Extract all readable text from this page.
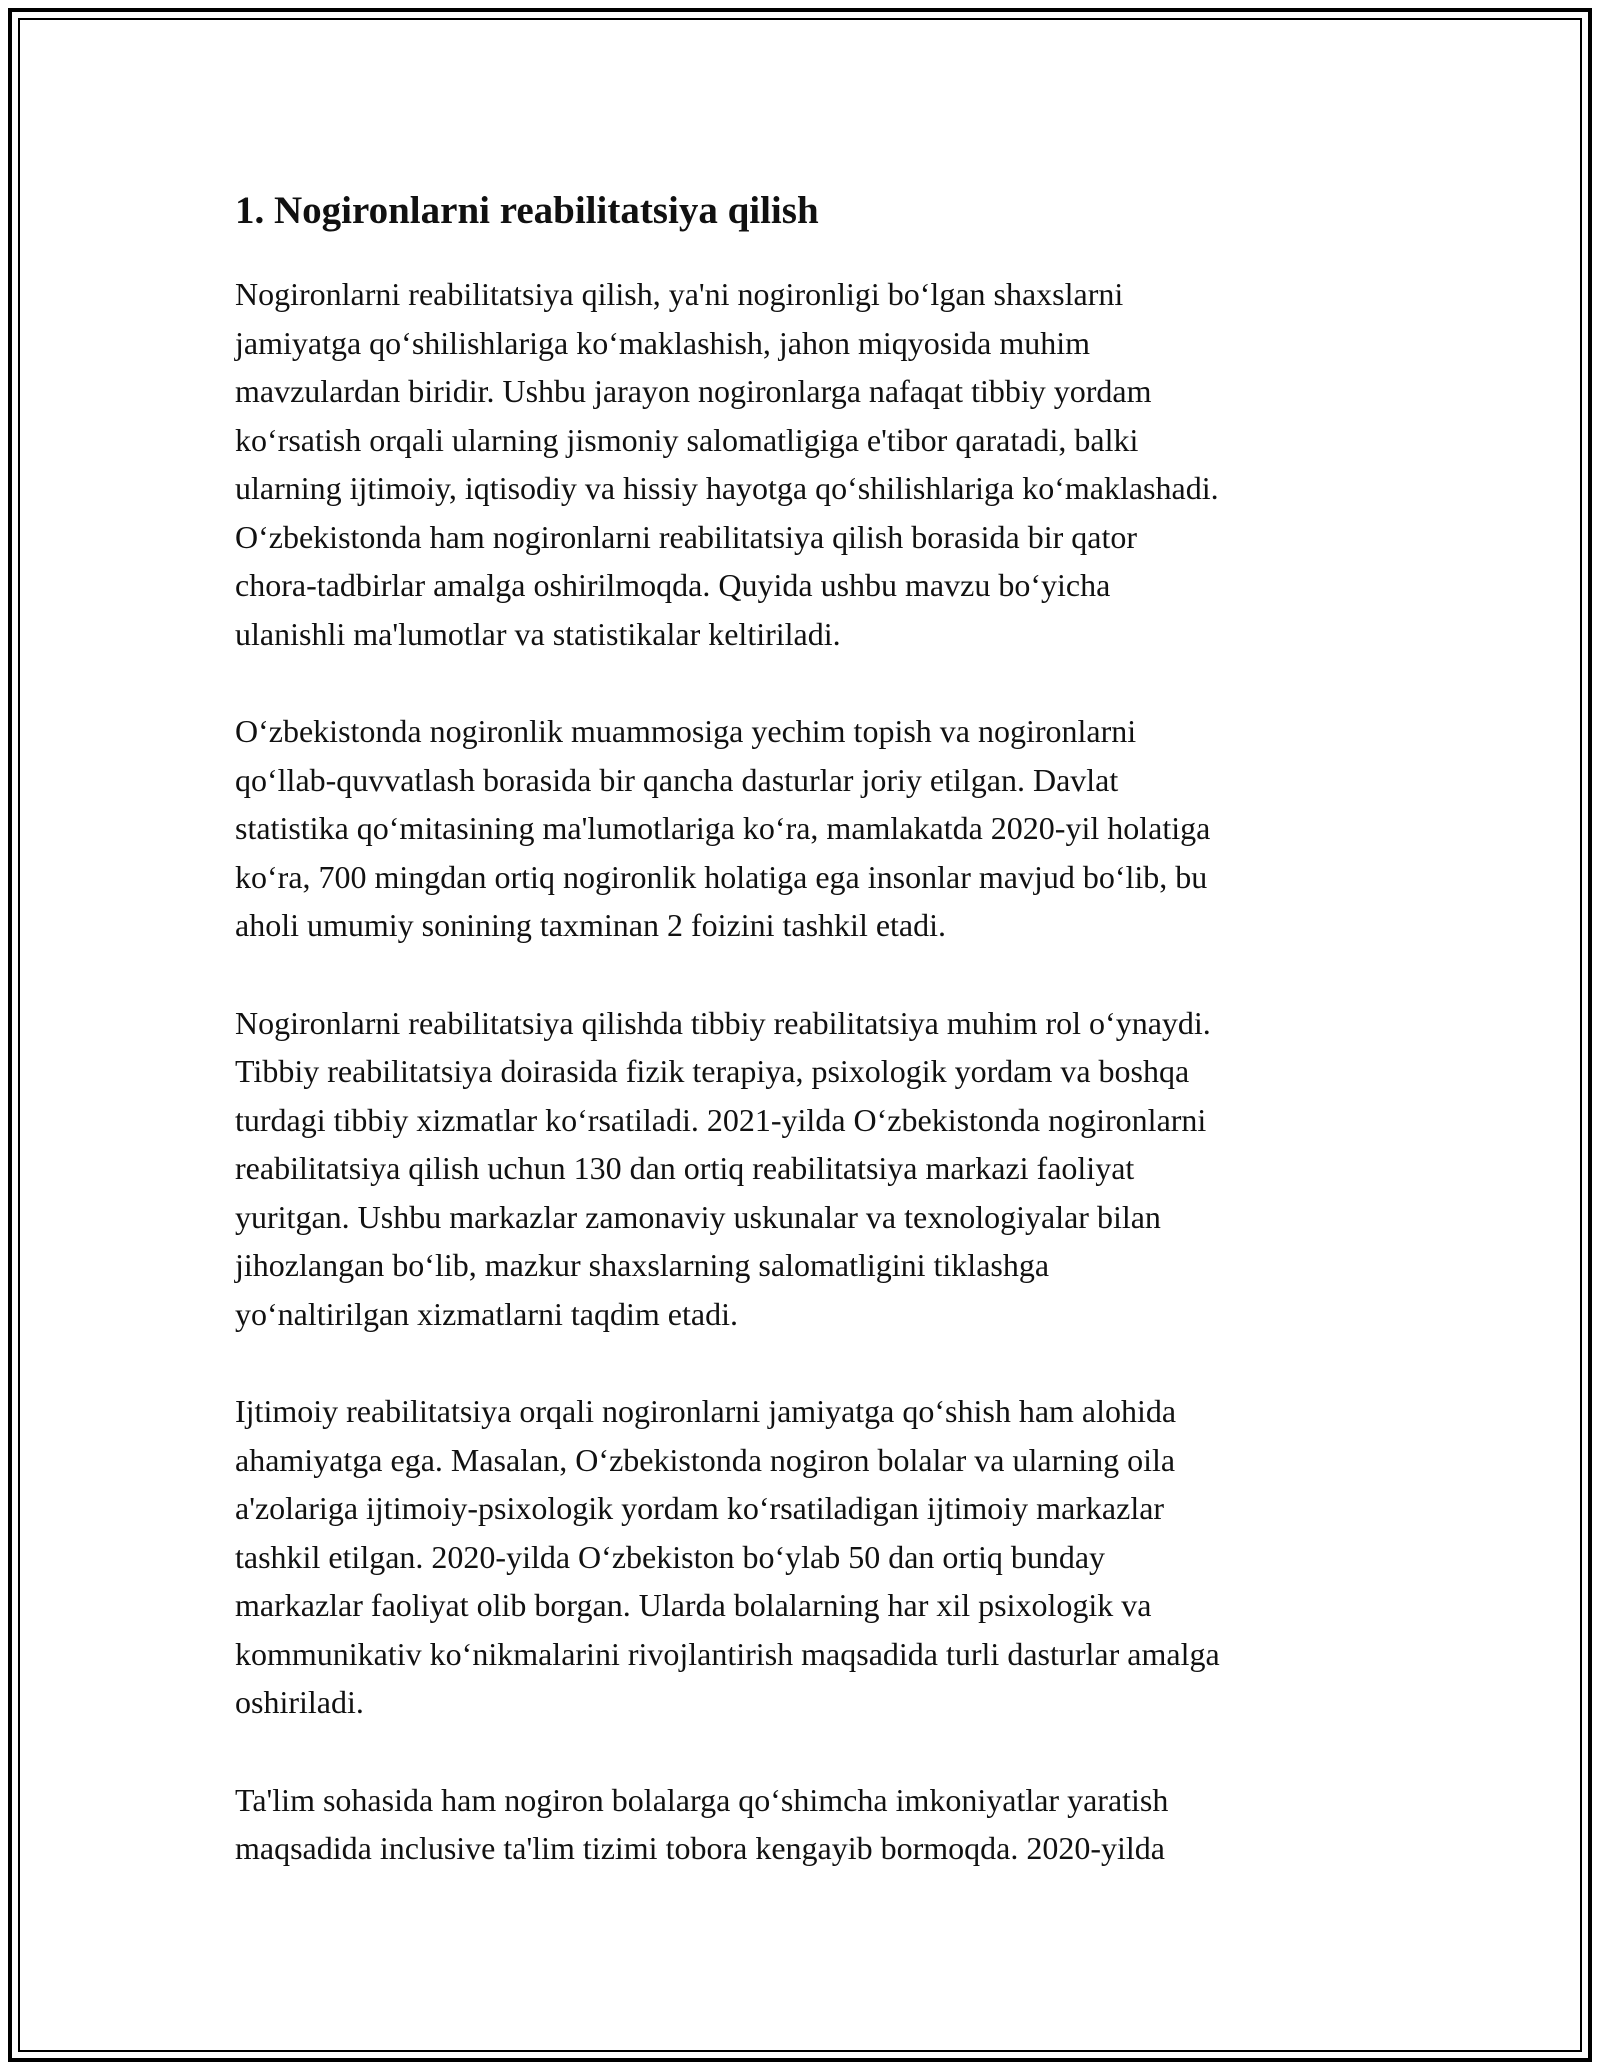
1. Nogironlarni reabilitatsiya qilish

Nogironlarni reabilitatsiya qilish, ya'ni nogironligi bo‘lgan shaxslarni
jamiyatga qo‘shilishlariga ko‘maklashish, jahon miqyosida muhim
mavzulardan biridir. Ushbu jarayon nogironlarga nafaqat tibbiy yordam
ko‘rsatish orqali ularning jismoniy salomatligiga e'tibor qaratadi, balki
ularning ijtimoiy, iqtisodiy va hissiy hayotga qo‘shilishlariga ko‘maklashadi.
O‘zbekistonda ham nogironlarni reabilitatsiya qilish borasida bir qator
chora-tadbirlar amalga oshirilmoqda. Quyida ushbu mavzu bo‘yicha
ulanishli ma'lumotlar va statistikalar keltiriladi.

O‘zbekistonda nogironlik muammosiga yechim topish va nogironlarni
qo‘llab-quvvatlash borasida bir qancha dasturlar joriy etilgan. Davlat
statistika qo‘mitasining ma'lumotlariga ko‘ra, mamlakatda 2020-yil holatiga
ko‘ra, 700 mingdan ortiq nogironlik holatiga ega insonlar mavjud bo‘lib, bu
aholi umumiy sonining taxminan 2 foizini tashkil etadi.

Nogironlarni reabilitatsiya qilishda tibbiy reabilitatsiya muhim rol o‘ynaydi.
Tibbiy reabilitatsiya doirasida fizik terapiya, psixologik yordam va boshqa
turdagi tibbiy xizmatlar ko‘rsatiladi. 2021-yilda O‘zbekistonda nogironlarni
reabilitatsiya qilish uchun 130 dan ortiq reabilitatsiya markazi faoliyat
yuritgan. Ushbu markazlar zamonaviy uskunalar va texnologiyalar bilan
jihozlangan bo‘lib, mazkur shaxslarning salomatligini tiklashga
yo‘naltirilgan xizmatlarni taqdim etadi.

Ijtimoiy reabilitatsiya orqali nogironlarni jamiyatga qo‘shish ham alohida
ahamiyatga ega. Masalan, O‘zbekistonda nogiron bolalar va ularning oila
a'zolariga ijtimoiy-psixologik yordam ko‘rsatiladigan ijtimoiy markazlar
tashkil etilgan. 2020-yilda O‘zbekiston bo‘ylab 50 dan ortiq bunday
markazlar faoliyat olib borgan. Ularda bolalarning har xil psixologik va
kommunikativ ko‘nikmalarini rivojlantirish maqsadida turli dasturlar amalga
oshiriladi.

Ta'lim sohasida ham nogiron bolalarga qo‘shimcha imkoniyatlar yaratish
maqsadida inclusive ta'lim tizimi tobora kengayib bormoqda. 2020-yilda
